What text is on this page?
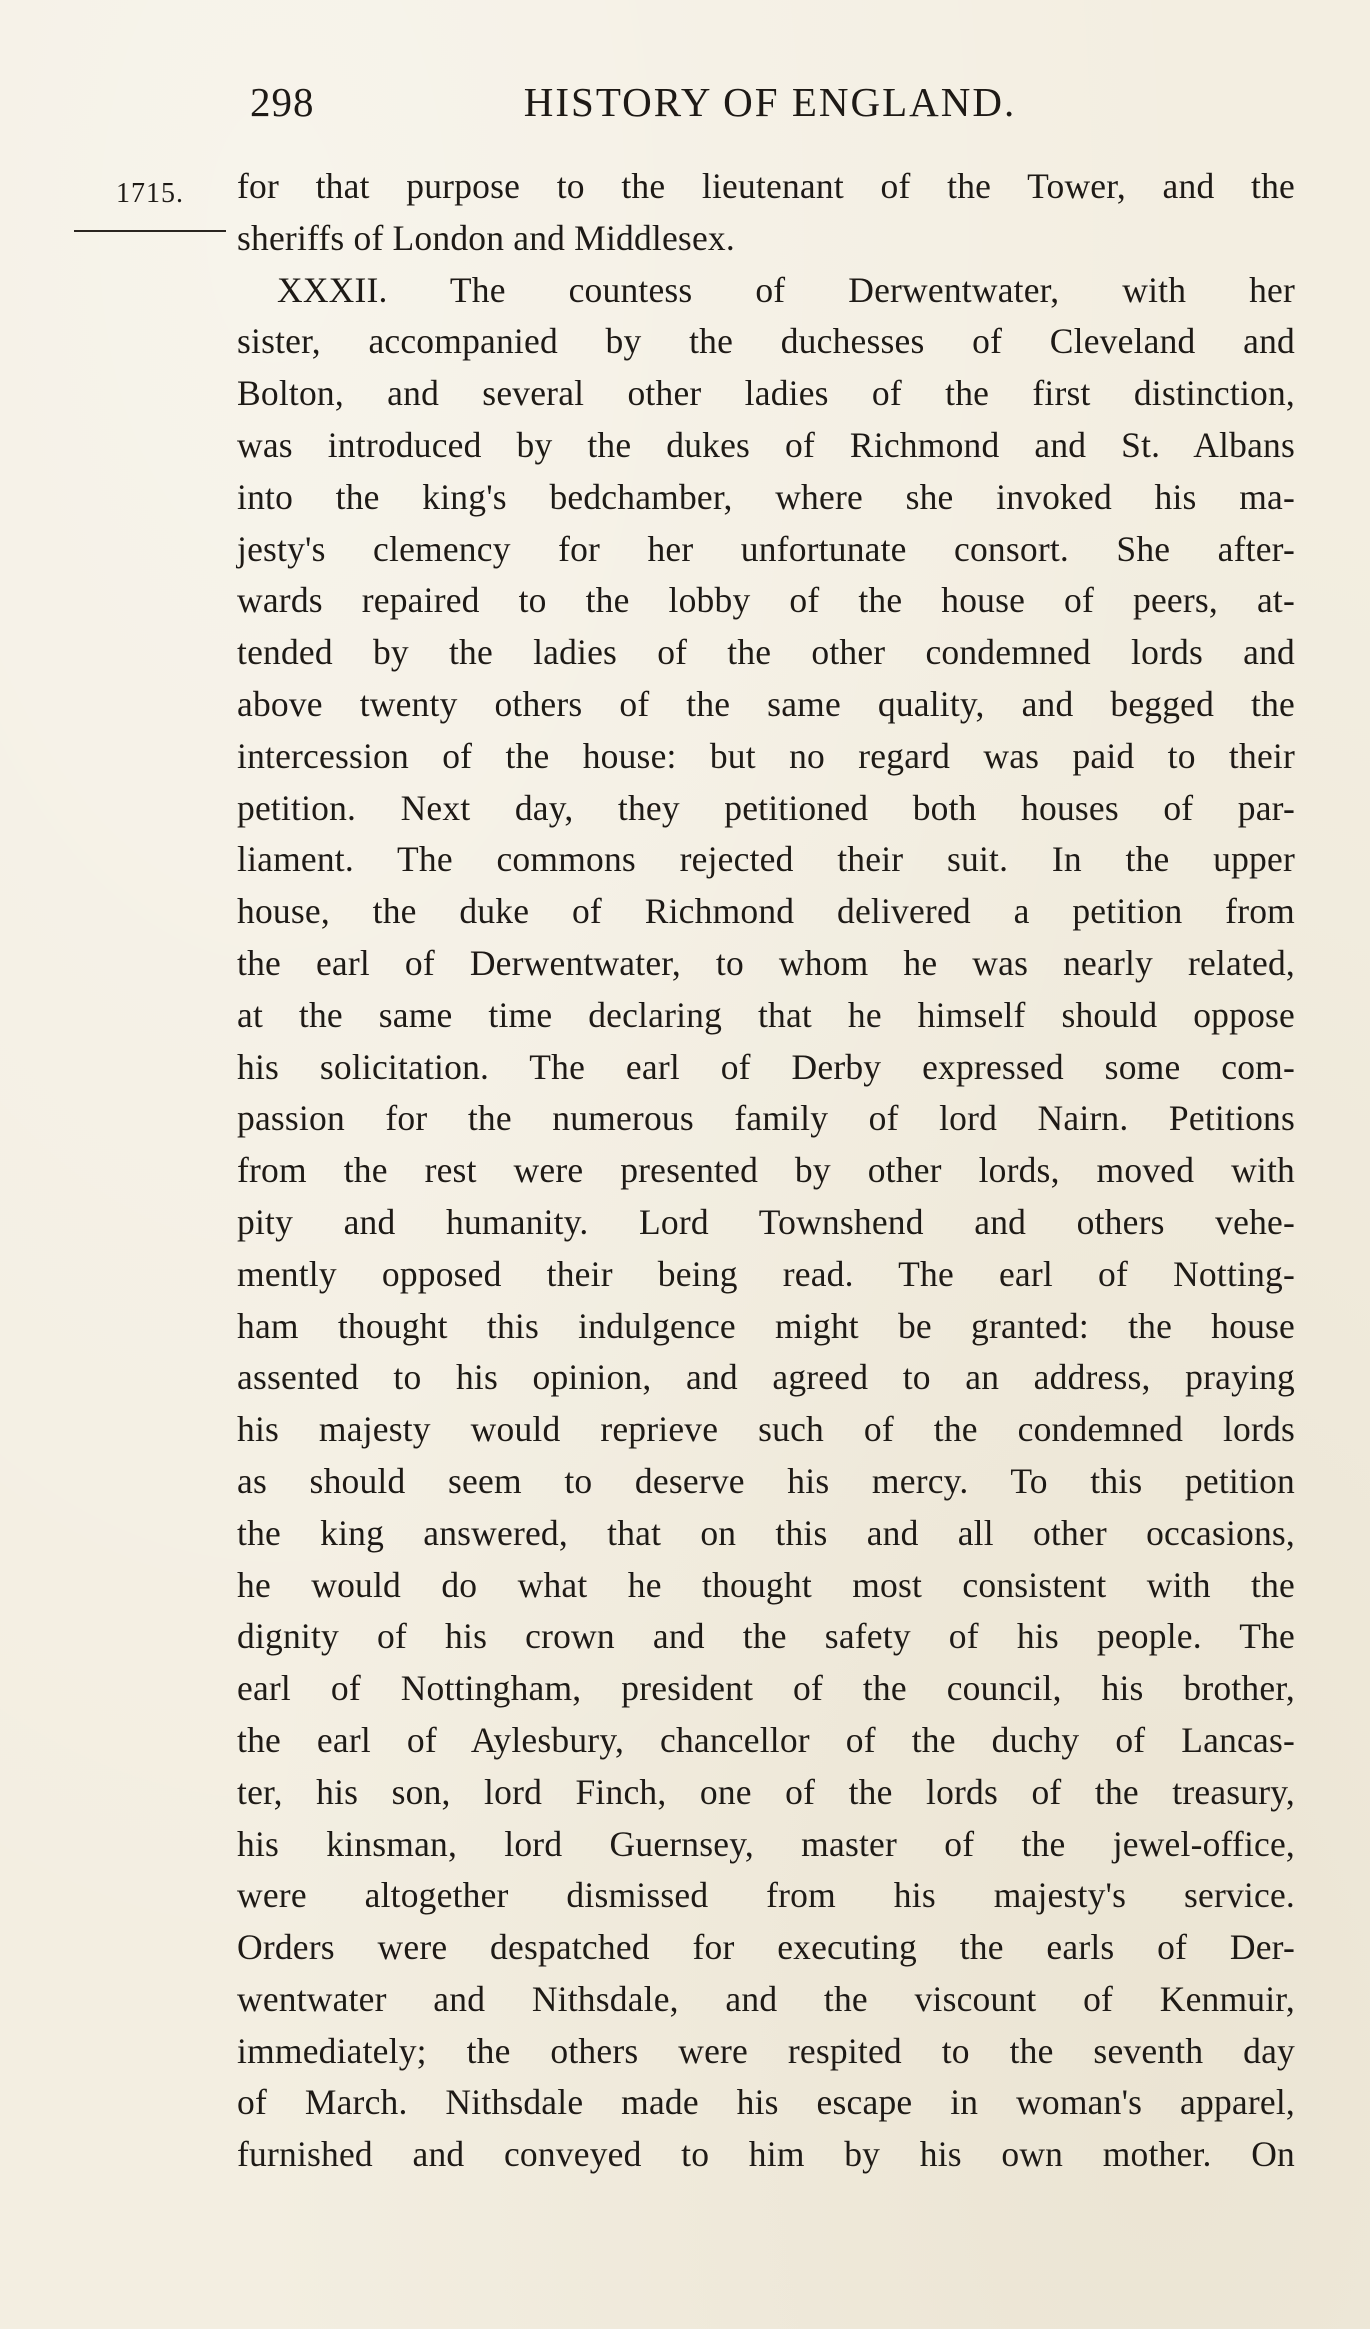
298	HISTORY OF ENGLAND.
1715. for that purpose to the lieutenant of the Tower, and the
sheriffs of London and Middlesex.
XXXII. The countess of Derwentwater, with her
sister, accompanied by the duchesses of Cleveland and
Bolton, and several other ladies of the first distinction,
was introduced by the dukes of Richmond and St. Albans
into the king's bedchamber, where she invoked his ma-
jesty's clemency for her unfortunate consort. She after-
wards repaired to the lobby of the house of peers, at-
tended by the ladies of the other condemned lords and
above twenty others of the same quality, and begged the
intercession of the house: but no regard was paid to their
petition. Next day, they petitioned both houses of par-
liament. The commons rejected their suit. In the upper
house, the duke of Richmond delivered a petition from
the earl of Derwentwater, to whom he was nearly related,
at the same time declaring that he himself should oppose
his solicitation. The earl of Derby expressed some com-
passion for the numerous family of lord Nairn. Petitions
from the rest were presented by other lords, moved with
pity and humanity. Lord Townshend and others vehe-
mently opposed their being read. The earl of Notting-
ham thought this indulgence might be granted: the house
assented to his opinion, and agreed to an address, praying
his majesty would reprieve such of the condemned lords
as should seem to deserve his mercy. To this petition
the king answered, that on this and all other occasions,
he would do what he thought most consistent with the
dignity of his crown and the safety of his people. The
earl of Nottingham, president of the council, his brother,
the earl of Aylesbury, chancellor of the duchy of Lancas-
ter, his son, lord Finch, one of the lords of the treasury,
his kinsman, lord Guernsey, master of the jewel-office,
were altogether dismissed from his majesty's service.
Orders were despatched for executing the earls of Der-
wentwater and Nithsdale, and the viscount of Kenmuir,
immediately; the others were respited to the seventh day
of March. Nithsdale made his escape in woman's apparel,
furnished and conveyed to him by his own mother. On
